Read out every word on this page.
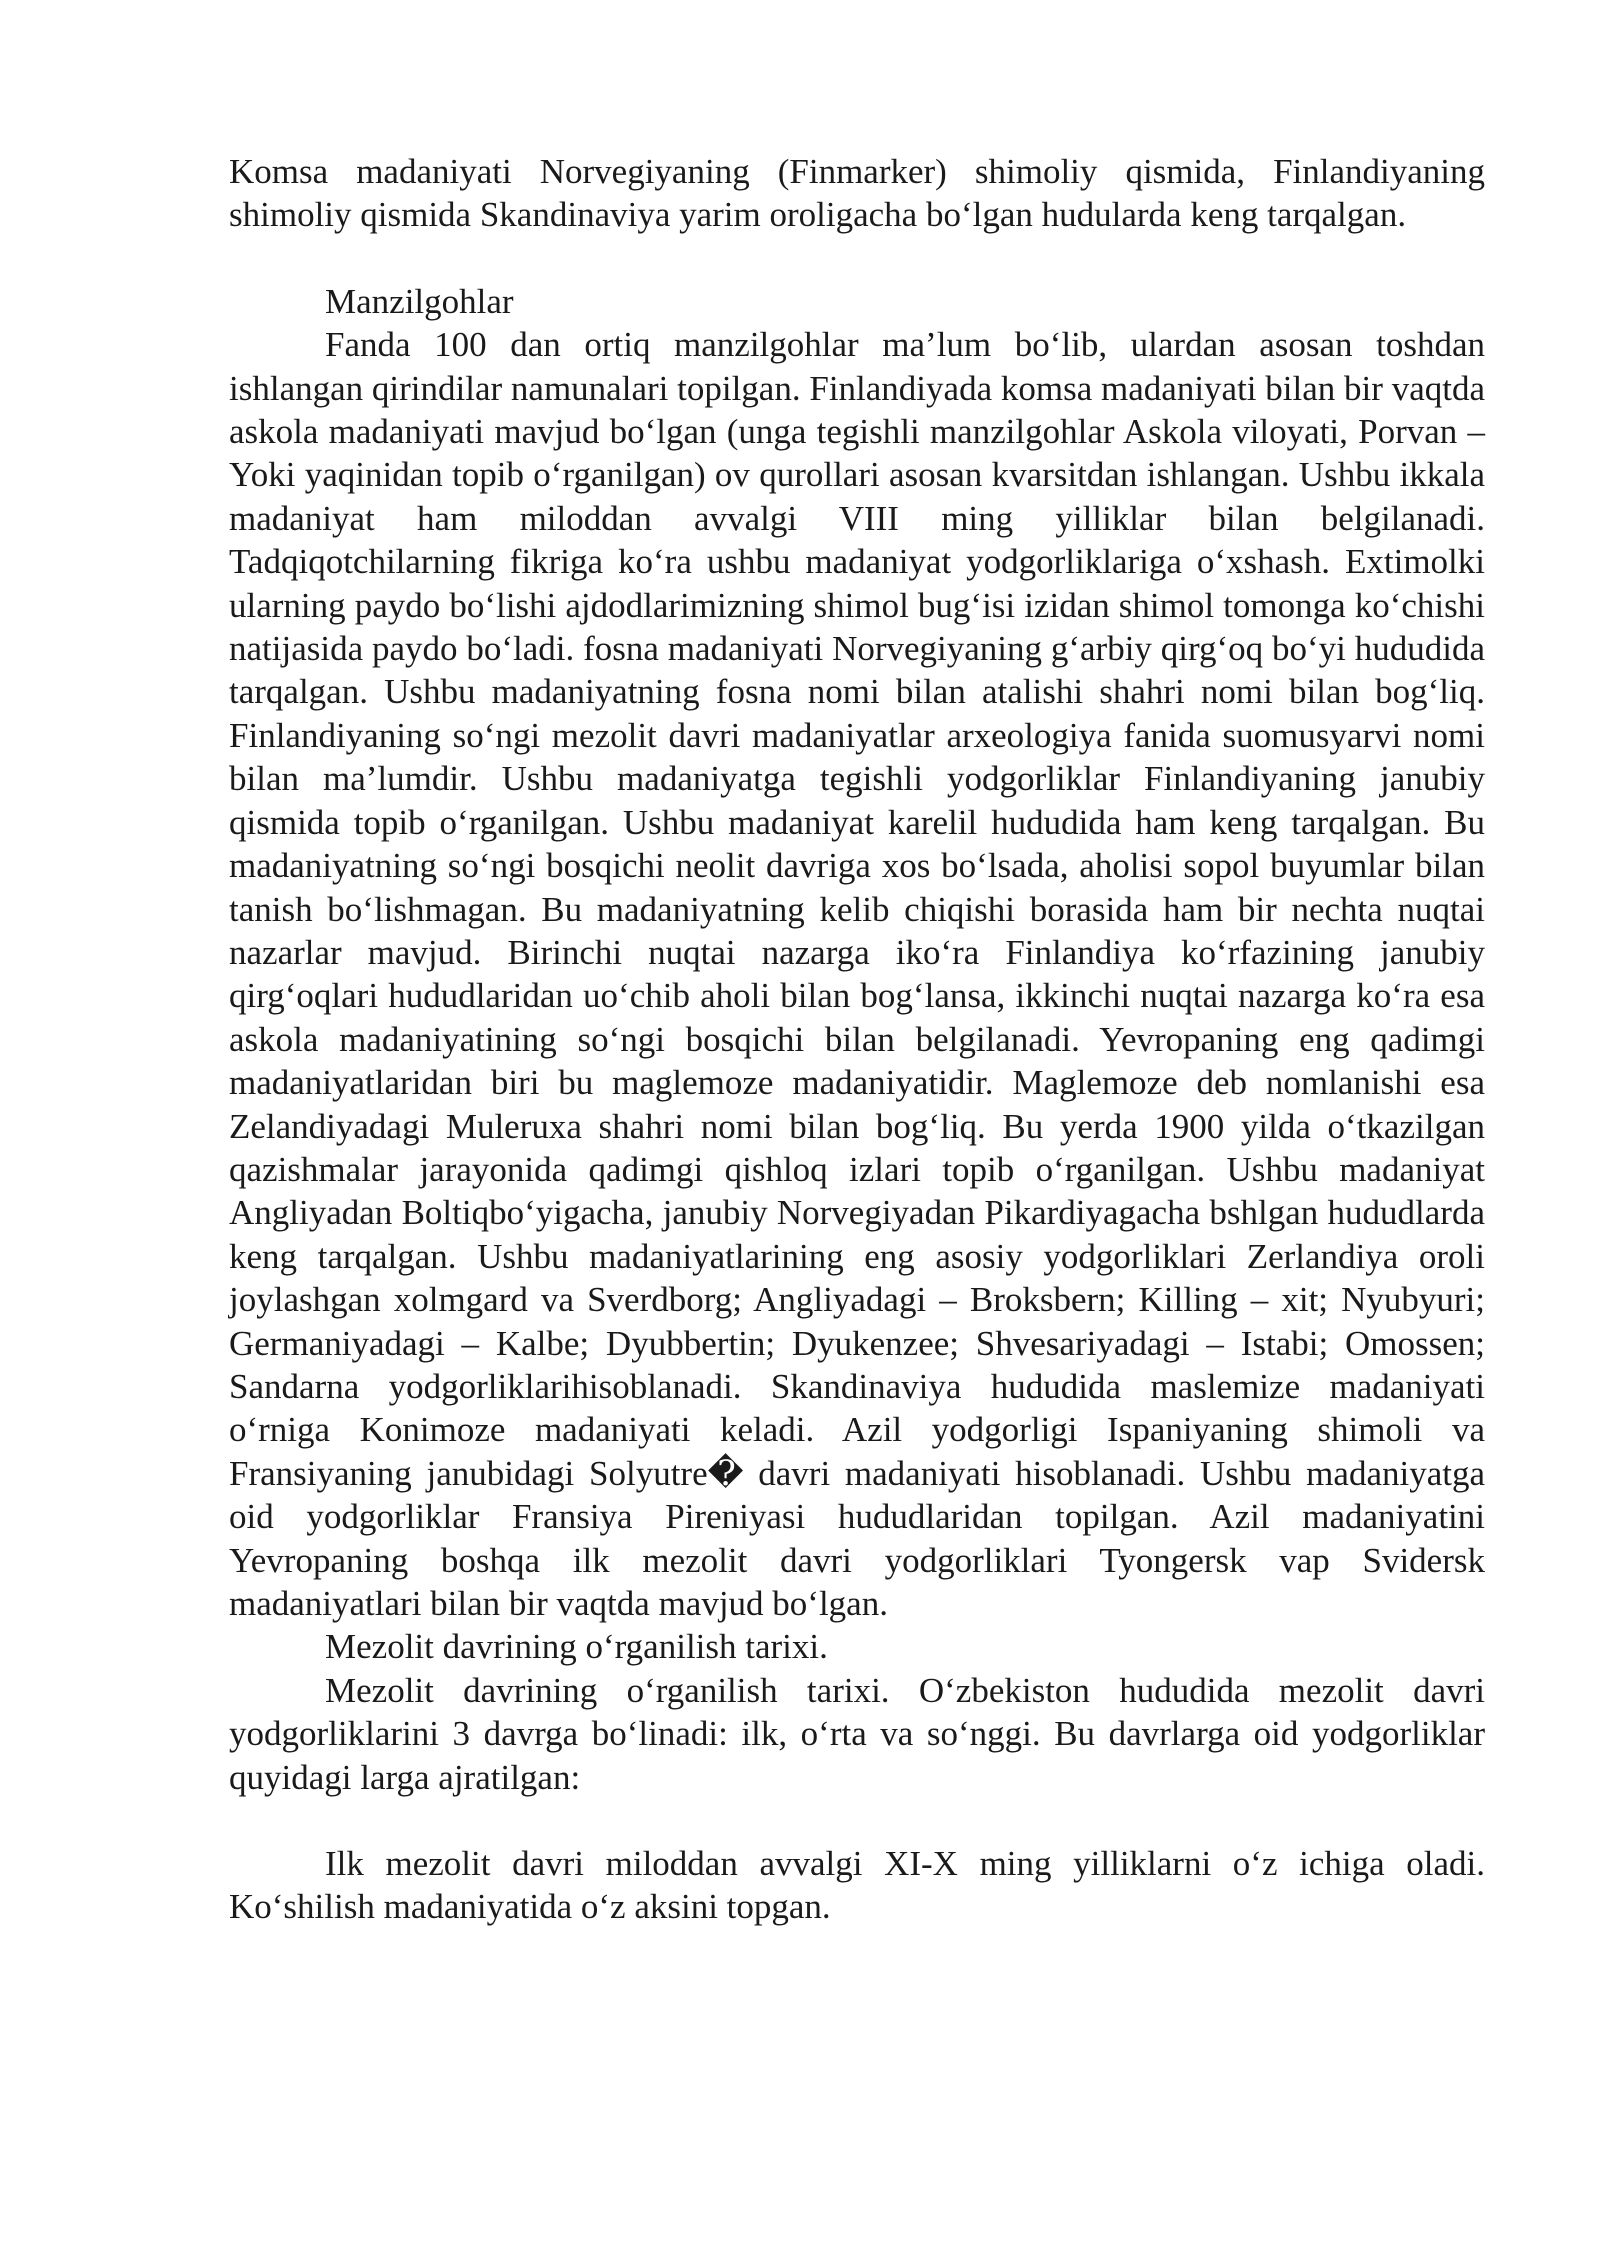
Komsa madaniyati Norvegiyaning (Finmarker) shimoliy qismida, Finlandiyaning shimoliy qismida Skandinaviya yarim oroligacha bo‘lgan hudularda keng tarqalgan.

Manzilgohlar

Fanda 100 dan ortiq manzilgohlar ma’lum bo‘lib, ulardan asosan toshdan ishlangan qirindilar namunalari topilgan. Finlandiyada komsa madaniyati bilan bir vaqtda askola madaniyati mavjud bo‘lgan (unga tegishli manzilgohlar Askola viloyati, Porvan – Yoki yaqinidan topib o‘rganilgan) ov qurollari asosan kvarsitdan ishlangan. Ushbu ikkala madaniyat ham miloddan avvalgi VIII ming yilliklar bilan belgilanadi. Tadqiqotchilarning fikriga ko‘ra ushbu madaniyat yodgorliklariga o‘xshash. Extimolki ularning paydo bo‘lishi ajdodlarimizning shimol bug‘isi izidan shimol tomonga ko‘chishi natijasida paydo bo‘ladi. fosna madaniyati Norvegiyaning g‘arbiy qirg‘oq bo‘yi hududida tarqalgan. Ushbu madaniyatning fosna nomi bilan atalishi shahri nomi bilan bog‘liq. Finlandiyaning so‘ngi mezolit davri madaniyatlar arxeologiya fanida suomusyarvi nomi bilan ma’lumdir. Ushbu madaniyatga tegishli yodgorliklar Finlandiyaning janubiy qismida topib o‘rganilgan. Ushbu madaniyat karelil hududida ham keng tarqalgan. Bu madaniyatning so‘ngi bosqichi neolit davriga xos bo‘lsada, aholisi sopol buyumlar bilan tanish bo‘lishmagan. Bu madaniyatning kelib chiqishi borasida ham bir nechta nuqtai nazarlar mavjud. Birinchi nuqtai nazarga iko‘ra Finlandiya ko‘rfazining janubiy qirg‘oqlari hududlaridan uo‘chib aholi bilan bog‘lansa, ikkinchi nuqtai nazarga ko‘ra esa askola madaniyatining so‘ngi bosqichi bilan belgilanadi. Yevropaning eng qadimgi madaniyatlaridan biri bu maglemoze madaniyatidir. Maglemoze deb nomlanishi esa Zelandiyadagi Muleruxa shahri nomi bilan bog‘liq. Bu yerda 1900 yilda o‘tkazilgan qazishmalar jarayonida qadimgi qishloq izlari topib o‘rganilgan. Ushbu madaniyat Angliyadan Boltiqbo‘yigacha, janubiy Norvegiyadan Pikardiyagacha bshlgan hududlarda keng tarqalgan. Ushbu madaniyatlarining eng asosiy yodgorliklari Zerlandiya oroli joylashgan xolmgard va Sverdborg; Angliyadagi – Broksbern; Killing – xit; Nyubyuri; Germaniyadagi – Kalbe; Dyubbertin; Dyukenzee; Shvesariyadagi – Istabi; Omossen; Sandarna yodgorliklarihisoblanadi. Skandinaviya hududida maslemize madaniyati o‘rniga Konimoze madaniyati keladi. Azil yodgorligi Ispaniyaning shimoli va Fransiyaning janubidagi Solyutre� davri madaniyati hisoblanadi. Ushbu madaniyatga oid yodgorliklar Fransiya Pireniyasi hududlaridan topilgan. Azil madaniyatini Yevropaning boshqa ilk mezolit davri yodgorliklari Tyongersk vap Svidersk madaniyatlari bilan bir vaqtda mavjud bo‘lgan.

Mezolit davrining o‘rganilish tarixi.

Mezolit davrining o‘rganilish tarixi. O‘zbekiston hududida mezolit davri yodgorliklarini 3 davrga bo‘linadi: ilk, o‘rta va so‘nggi. Bu davrlarga oid yodgorliklar quyidagi larga ajratilgan:

Ilk mezolit davri miloddan avvalgi XI-X ming yilliklarni o‘z ichiga oladi. Ko‘shilish madaniyatida o‘z aksini topgan.
